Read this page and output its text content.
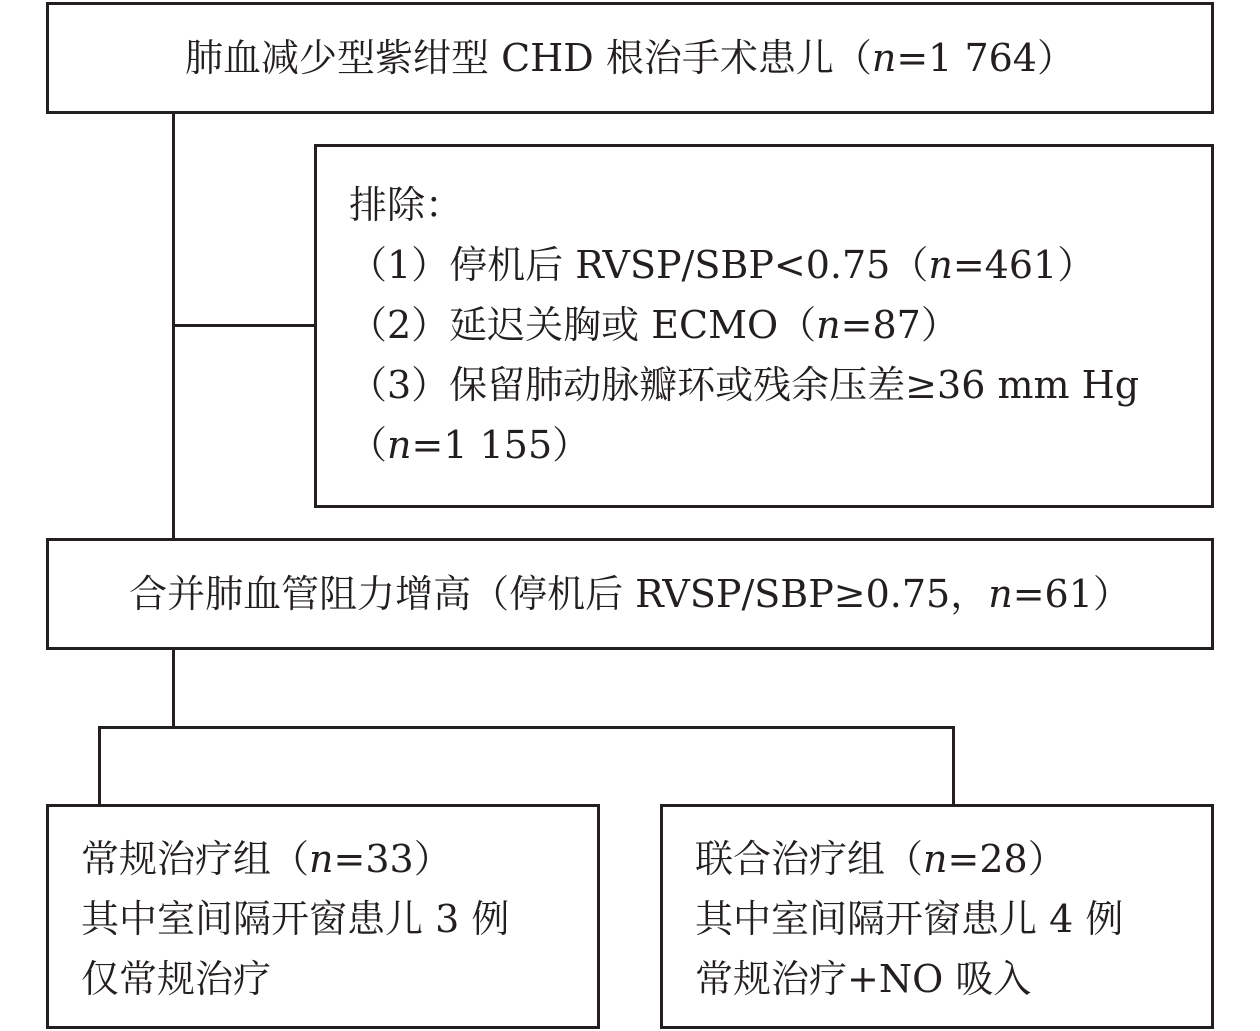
肺血减少型紫绀型 CHD 根治手术患儿（n=1 764）
排除：
（1）停机后 RVSP/SBP<0.75（n=461）
（2）延迟关胸或 ECMO（n=87）
（3）保留肺动脉瓣环或残余压差≥36 mm Hg
（n=1 155）
合并肺血管阻力增高（停机后 RVSP/SBP≥0.75，n=61）
常规治疗组（n=33）
其中室间隔开窗患儿 3 例
仅常规治疗
联合治疗组（n=28）
其中室间隔开窗患儿 4 例
常规治疗+NO 吸入
